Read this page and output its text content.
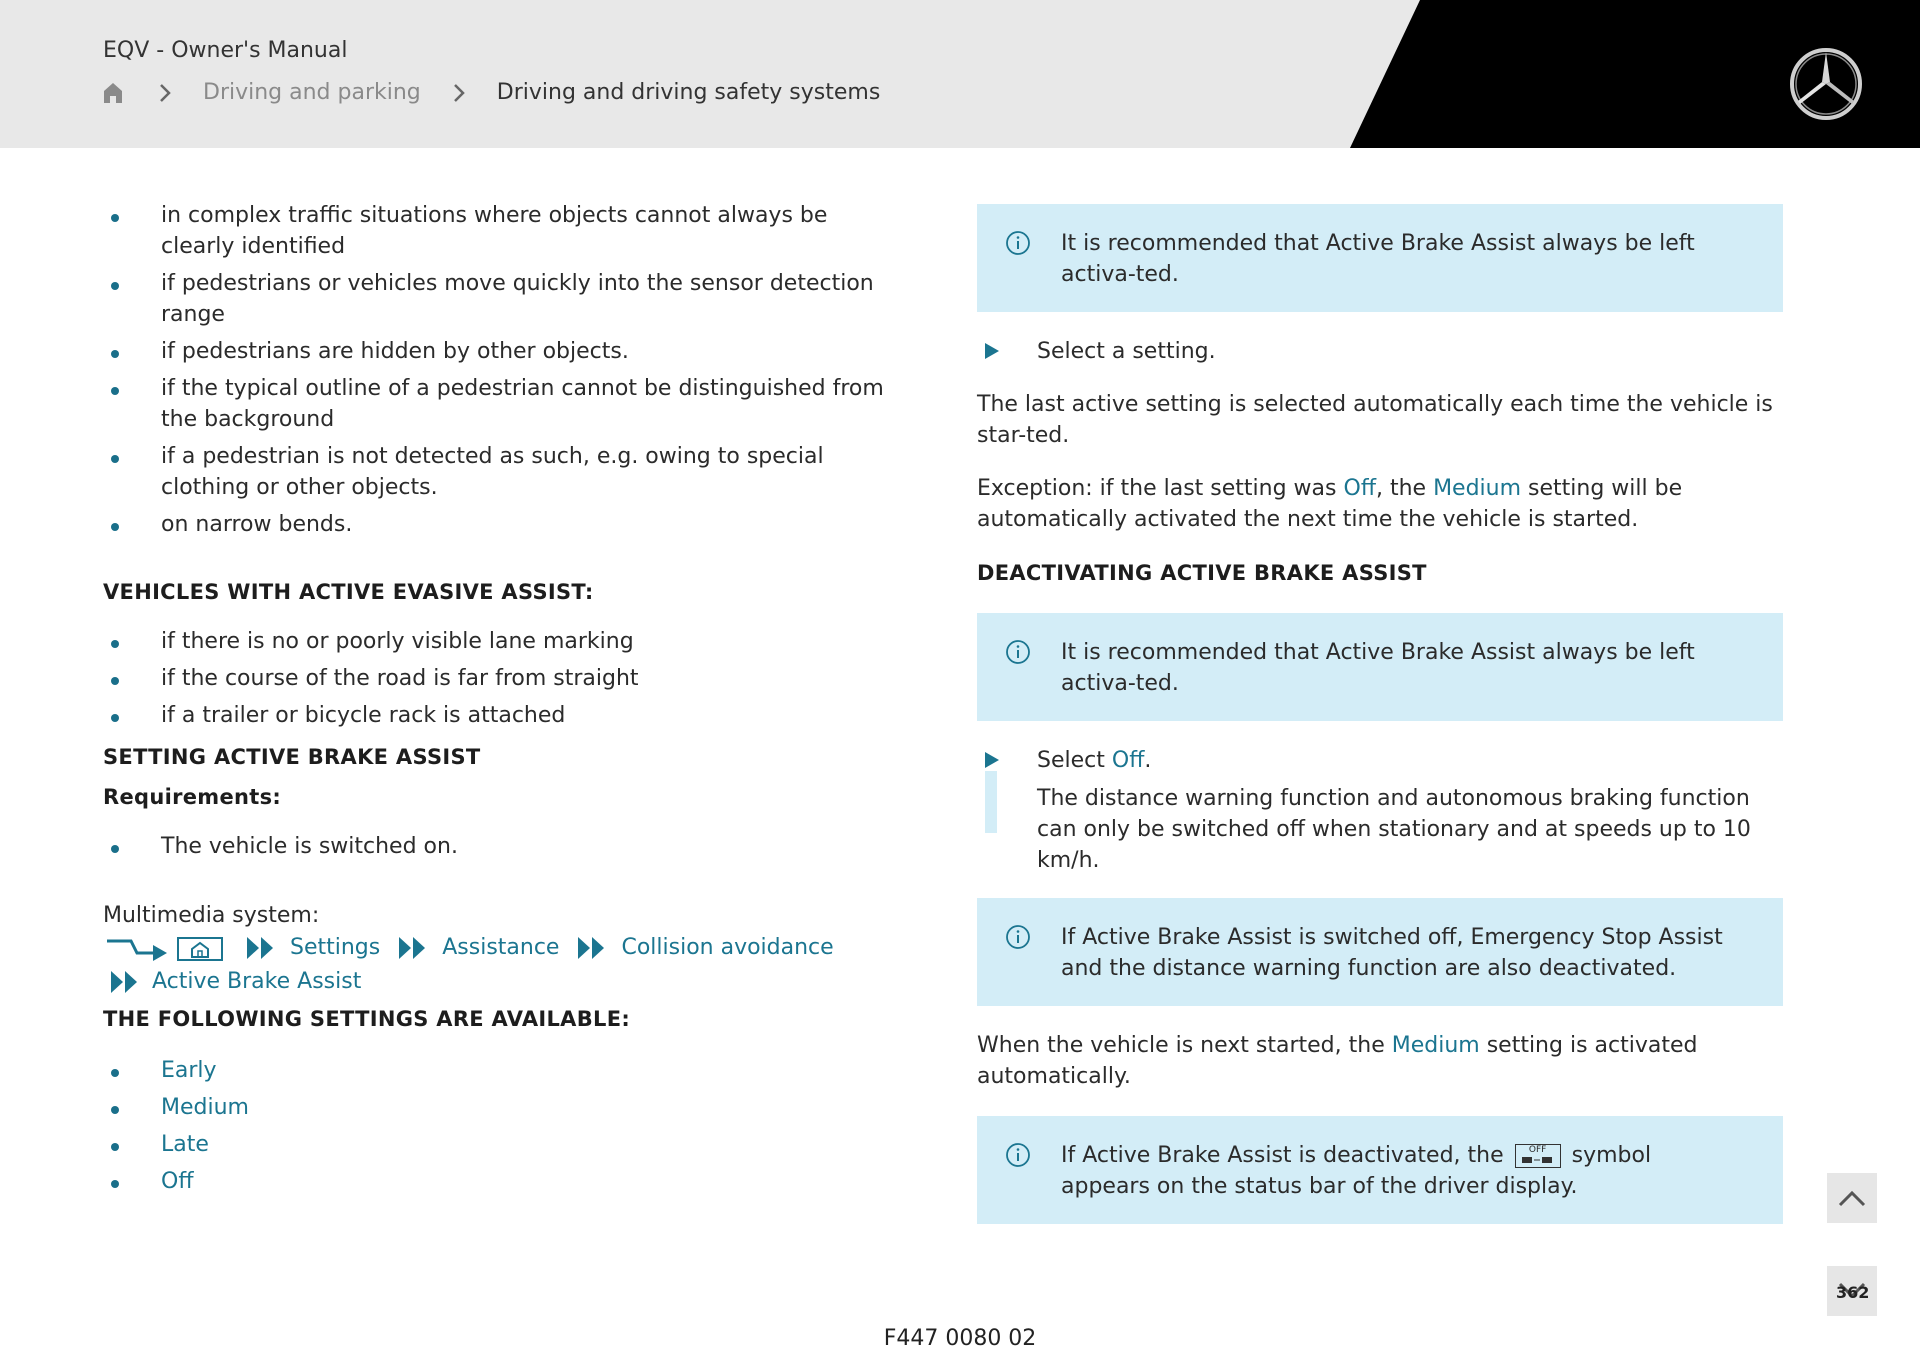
EQV - Owner's Manual
Driving and parking	Driving and driving safety systems
in complex traffic situations where objects cannot always be clearly identified
if pedestrians or vehicles move quickly into the sensor detection range
if pedestrians are hidden by other objects.
if the typical outline of a pedestrian cannot be distinguished from the background
if a pedestrian is not detected as such, e.g. owing to special clothing or other objects.
on narrow bends.
VEHICLES WITH ACTIVE EVASIVE ASSIST:
if there is no or poorly visible lane marking
if the course of the road is far from straight
if a trailer or bicycle rack is attached
SETTING ACTIVE BRAKE ASSIST
Requirements:
The vehicle is switched on.
Multimedia system:
Settings	Assistance	Collision avoidance
Active Brake Assist
THE FOLLOWING SETTINGS ARE AVAILABLE:
Early
Medium
Late
Off
It is recommended that Active Brake Assist always be left activa-ted.
Select a setting.
The last active setting is selected automatically each time the vehicle is star-ted.
Exception: if the last setting was Off, the Medium setting will be automatically activated the next time the vehicle is started.
DEACTIVATING ACTIVE BRAKE ASSIST
It is recommended that Active Brake Assist always be left activa-ted.
Select Off.
The distance warning function and autonomous braking function can only be switched off when stationary and at speeds up to 10 km/h.
If Active Brake Assist is switched off, Emergency Stop Assist and the distance warning function are also deactivated.
When the vehicle is next started, the Medium setting is activated automatically.
If Active Brake Assist is deactivated, the OFF
symbol appears on the status bar of the driver display.
362
F447 0080 02
